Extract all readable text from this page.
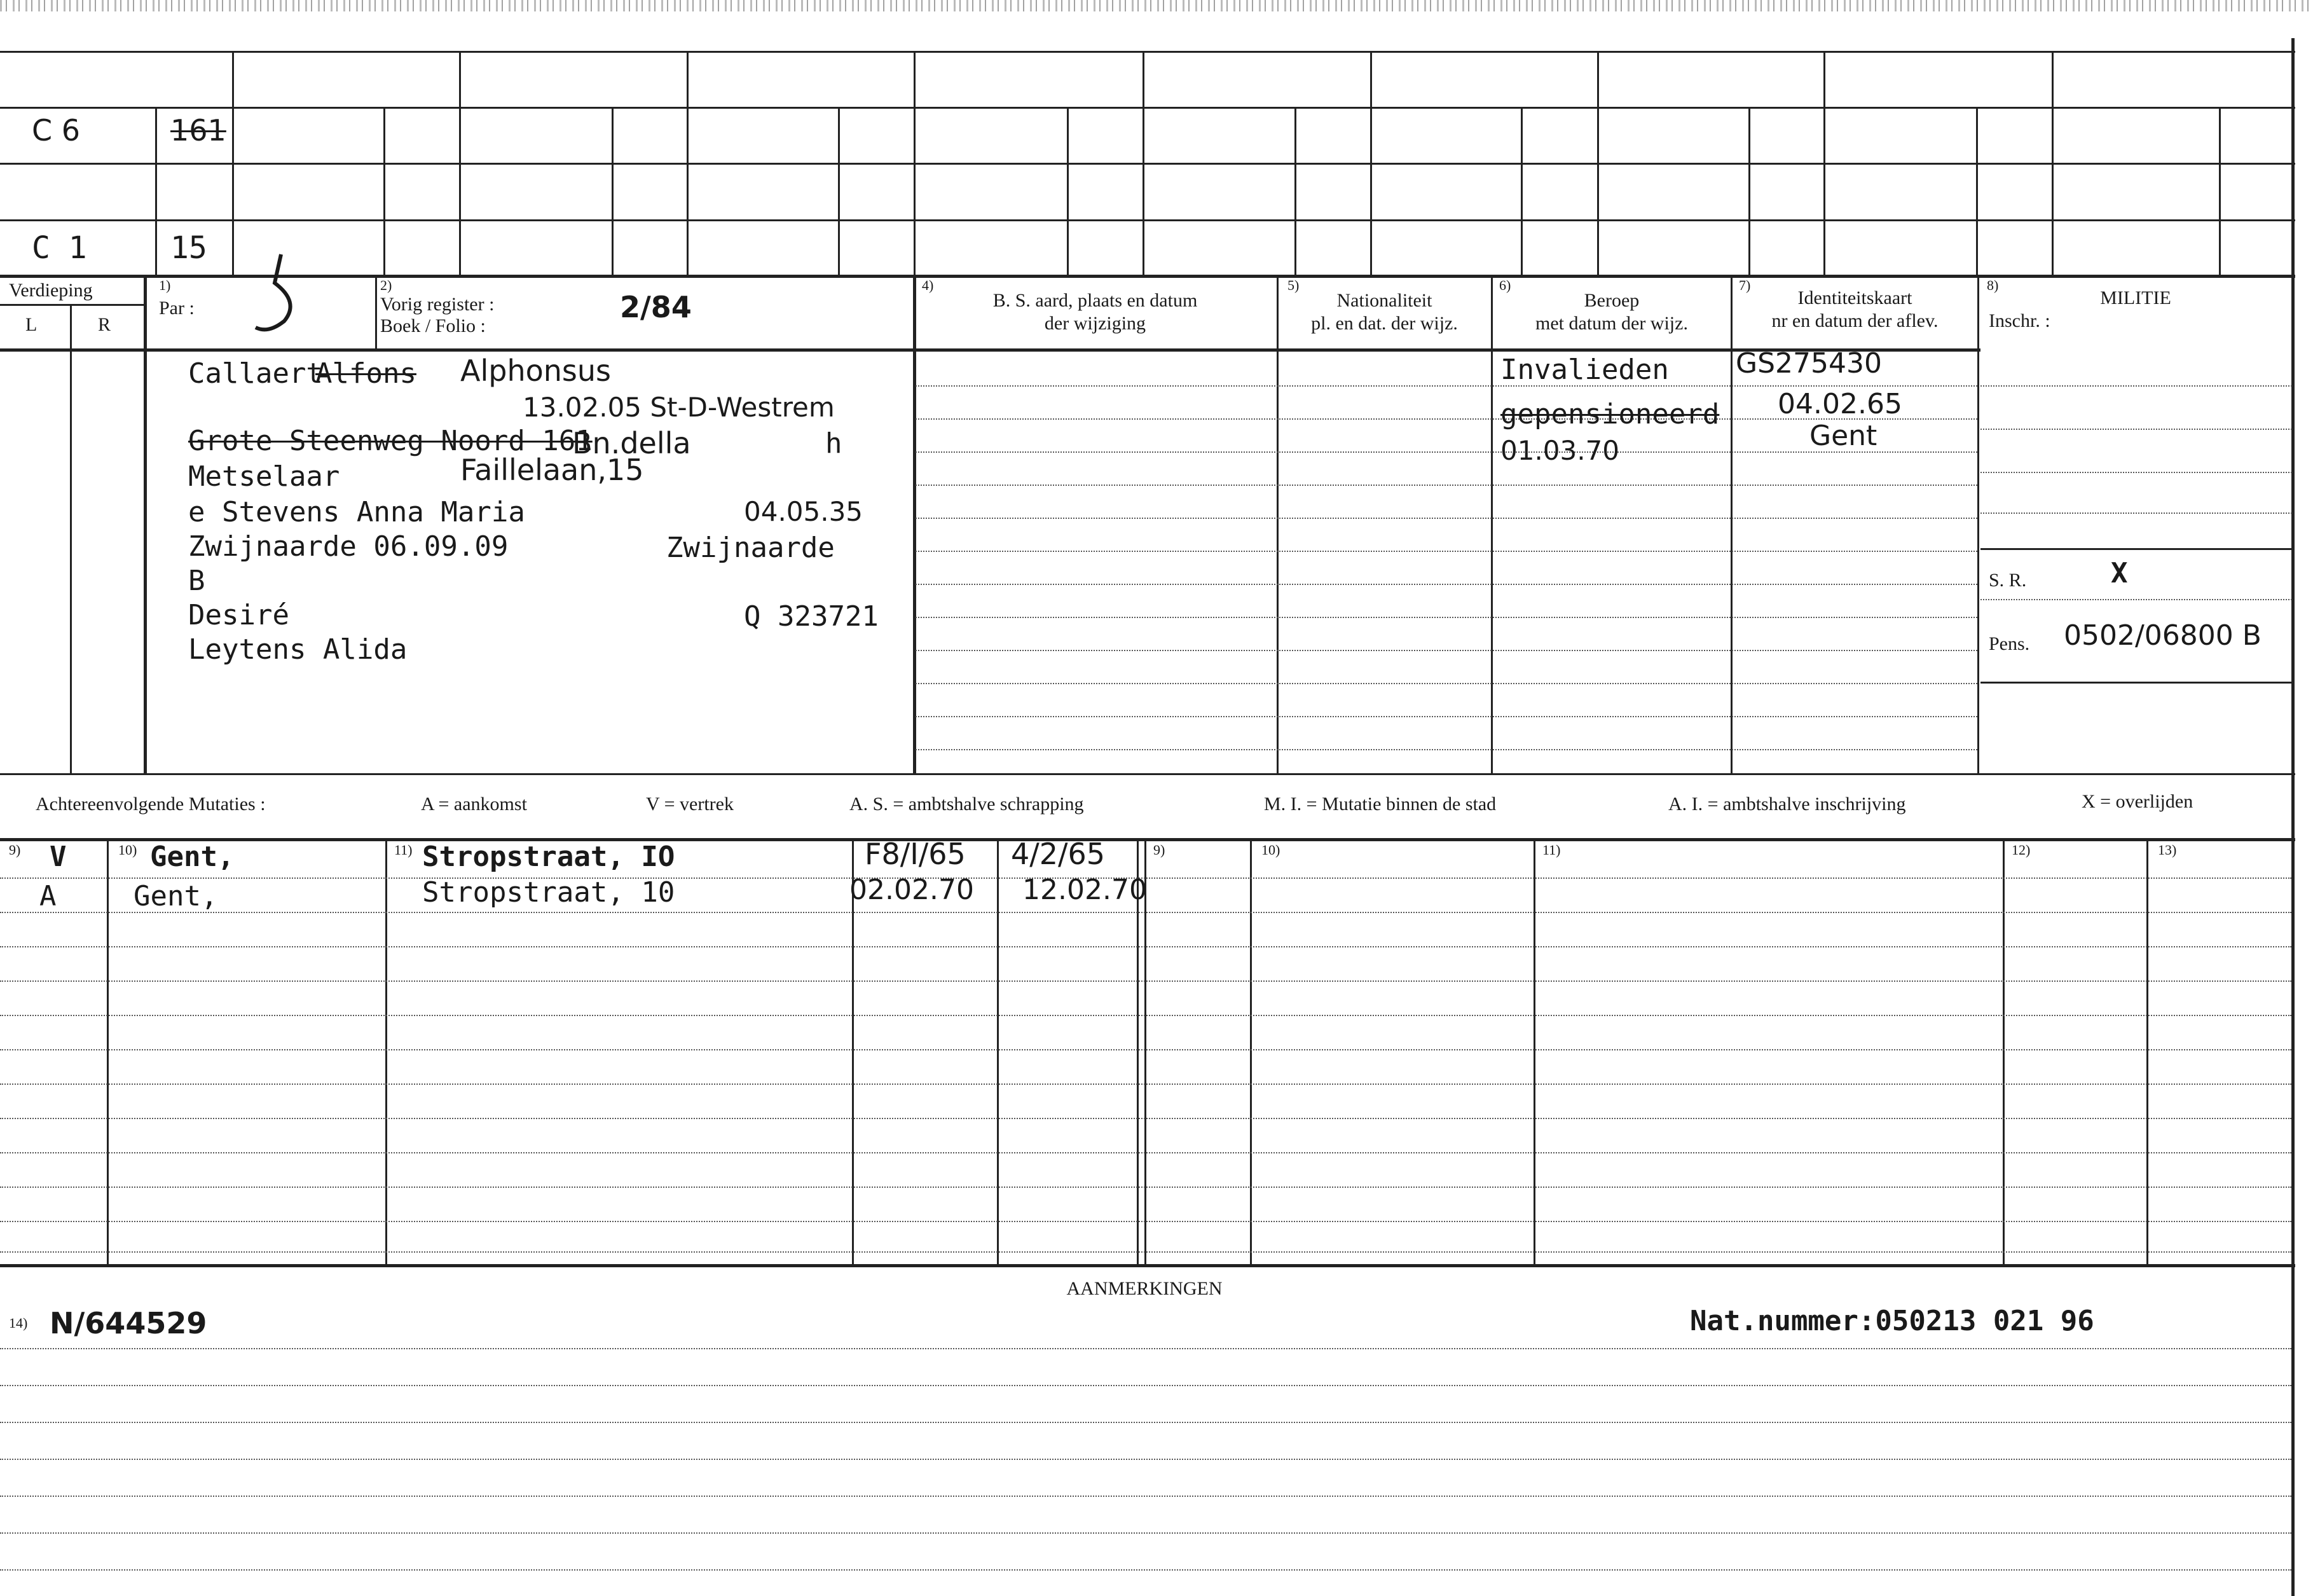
C 6	161
C 1	15
Verdieping
L	R
1)
Par :
2)
Vorig register :
Boek / Folio :
2/84
4)
B. S. aard, plaats en datum
der wijziging
5)
Nationaliteit
pl. en dat. der wijz.
6)
Beroep
met datum der wijz.
7)
Identiteitskaart
nr en datum der aflev.
8)
MILITIE
Inschr. :
Callaert
Alfons Alphonsus
13.02.05 St-D-Westrem
Grote Steenweg Noord 161
Bn.della	h
Faillelaan,15
Metselaar
e Stevens Anna Maria	04.05.35
Zwijnaarde 06.09.09	Zwijnaarde
B
Desiré	Q 323721
Leytens Alida
Invalieden
gepensioneerd
01.03.70
GS275430
04.02.65
Gent
S. R.	X
Pens. 0502/06800 B
Achtereenvolgende Mutaties :	A = aankomst	V = vertrek	A. S. = ambtshalve schrapping	M. I. = Mutatie binnen de stad	A. I. = ambtshalve inschrijving	X = overlijden
9)	10)	11)	9)	10)	11)	12)	13)
V	Gent,	Stropstraat, IO	F8/I/65 4/2/65
A	Gent,	Stropstraat, 10	02.02.70 12.02.70
AANMERKINGEN
14) N/644529	Nat.nummer:050213 021 96
